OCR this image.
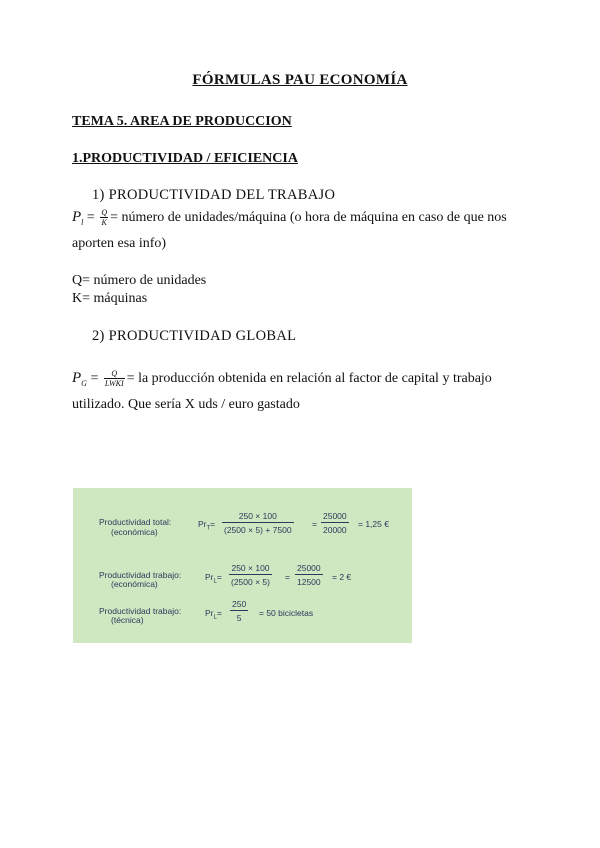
FÓRMULAS PAU ECONOMÍA
TEMA 5. AREA DE PRODUCCION
1.PRODUCTIVIDAD / EFICIENCIA
1) PRODUCTIVIDAD DEL TRABAJO
$P_l = \frac{Q}{K}$ = número de unidades/máquina (o hora de máquina en caso de que nos
aporten esa info)
Q= número de unidades
K= máquinas
2) PRODUCTIVIDAD GLOBAL
$P_G = \frac{Q}{\text{LWKI}}$ = la producción obtenida en relación al factor de capital y trabajo
utilizado. Que sería X uds / euro gastado
Productividad total:
(económica)
$Pr_T=$
250 × 100
(2500 × 5) + 7500
=
25000
20000
= 1,25 €
Productividad trabajo:
(económica)
$Pr_L=$
250 × 100
(2500 × 5) =
25000
12500 = 2 €
Productividad trabajo:
(técnica)
$Pr_L=$
250
5	= 50 bicicletas
